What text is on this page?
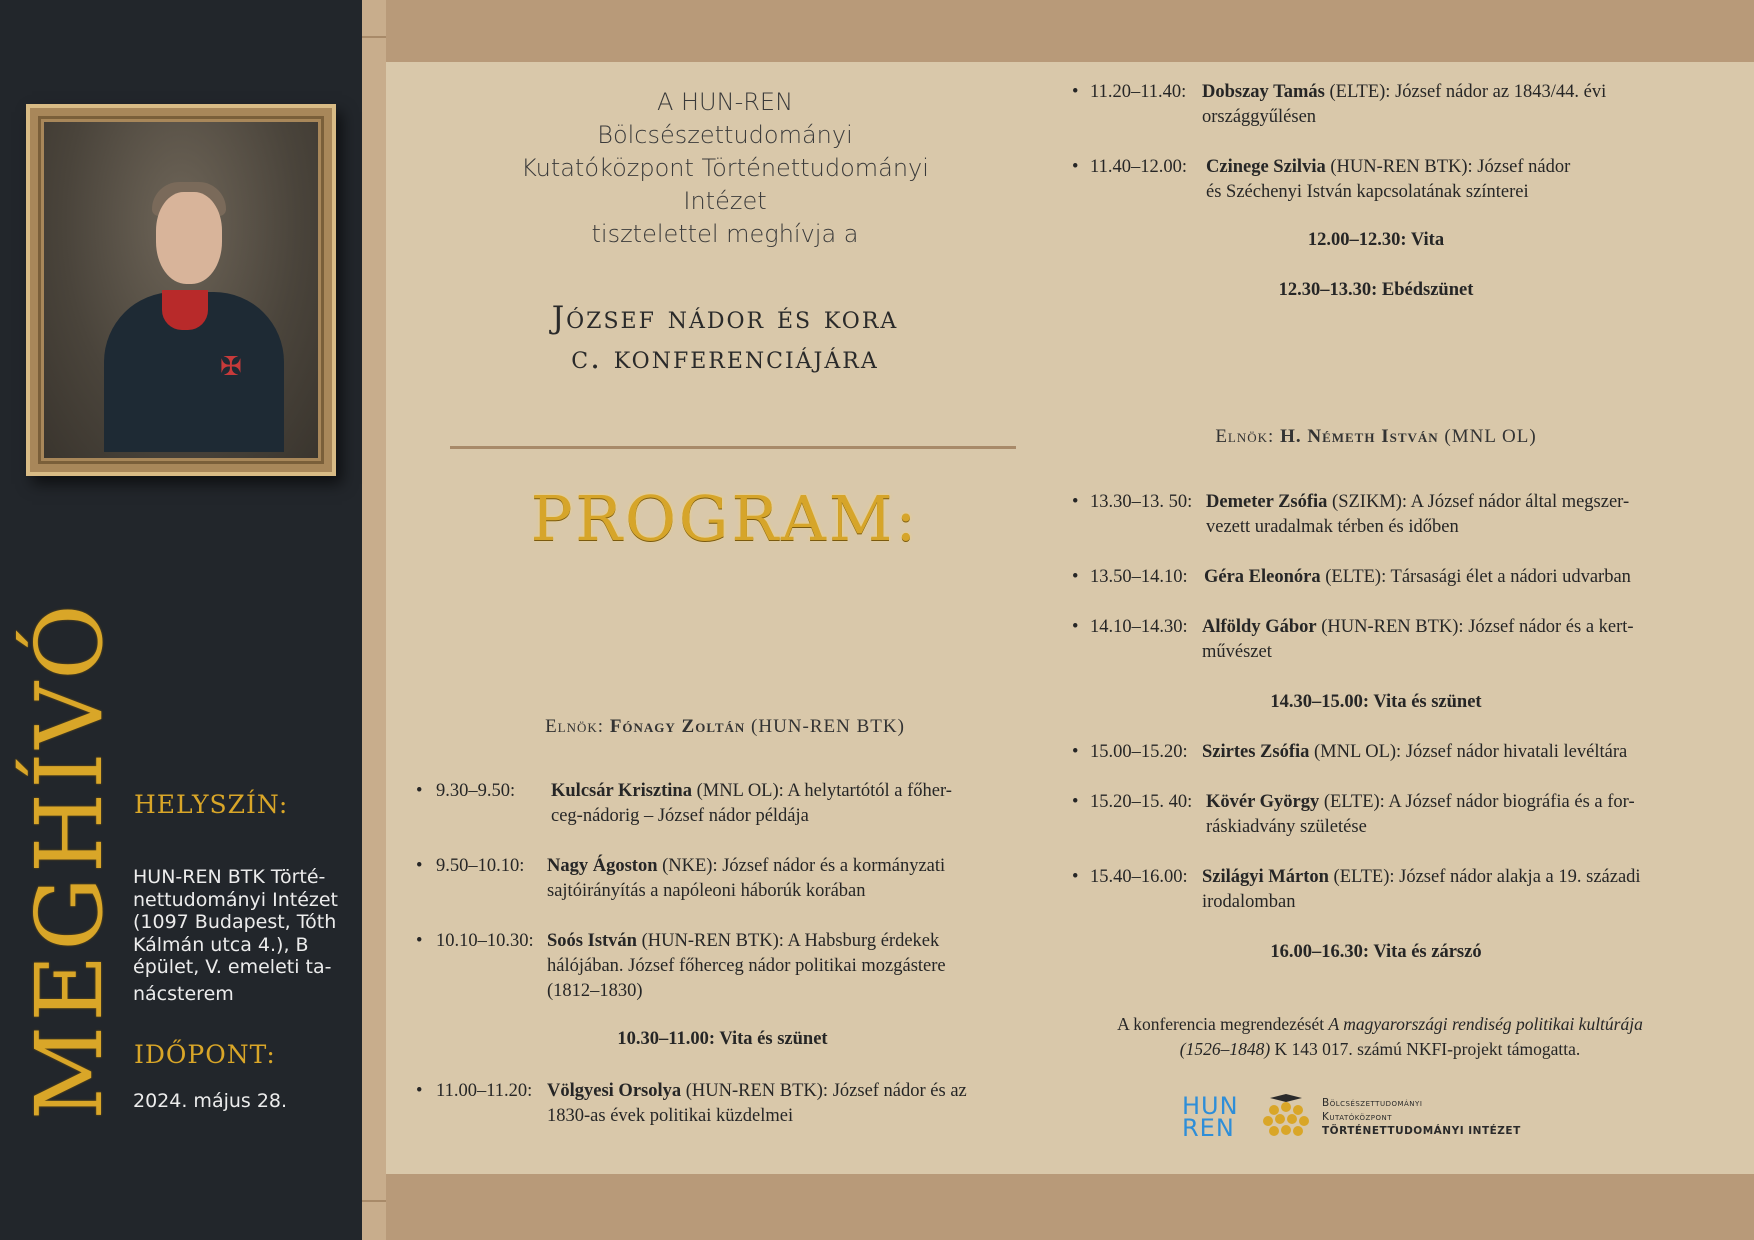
✠
MEGHÍVÓ HELYSZÍN:
HUN-REN BTK Törté-
nettudományi Intézet
(1097 Budapest, Tóth
Kálmán utca 4.), B
épület, V. emeleti ta-
nácsterem
IDŐPONT:
2024. május 28.
A HUN-REN
Bölcsészettudományi
Kutatóközpont Történettudományi
Intézet
tisztelettel meghívja a
József nádor és kora
c. konferenciájára
PROGRAM:
Elnök: Fónagy Zoltán (HUN-REN BTK)
• 9.30–9.50: Kulcsár Krisztina (MNL OL): A helytartótól a főher-
ceg-nádorig – József nádor példája
• 9.50–10.10: Nagy Ágoston (NKE): József nádor és a kormányzati
sajtóirányítás a napóleoni háborúk korában
• 10.10–10.30: Soós István (HUN-REN BTK): A Habsburg érdekek
hálójában. József főherceg nádor politikai mozgástere
(1812–1830)
10.30–11.00: Vita és szünet
• 11.00–11.20: Völgyesi Orsolya (HUN-REN BTK): József nádor és az
1830-as évek politikai küzdelmei
• 11.20–11.40: Dobszay Tamás (ELTE): József nádor az 1843/44. évi
országgyűlésen
• 11.40–12.00: Czinege Szilvia (HUN-REN BTK): József nádor
és Széchenyi István kapcsolatának színterei
12.00–12.30: Vita
12.30–13.30: Ebédszünet
Elnök: H. Németh István (MNL OL)
• 13.30–13. 50: Demeter Zsófia (SZIKM): A József nádor által megszer-
vezett uradalmak térben és időben
• 13.50–14.10: Géra Eleonóra (ELTE): Társasági élet a nádori udvarban
• 14.10–14.30: Alföldy Gábor (HUN-REN BTK): József nádor és a kert-
művészet
14.30–15.00: Vita és szünet
• 15.00–15.20: Szirtes Zsófia (MNL OL): József nádor hivatali levéltára
• 15.20–15. 40: Kövér György (ELTE): A József nádor biográfia és a for-
ráskiadvány születése
• 15.40–16.00: Szilágyi Márton (ELTE): József nádor alakja a 19. századi
irodalomban
16.00–16.30: Vita és zárszó
A konferencia megrendezését A magyarországi rendiség politikai kultúrája
(1526–1848) K 143 017. számú NKFI-projekt támogatta.
HUN
REN
Bölcsészettudományi
Kutatóközpont
TÖRTÉNETTUDOMÁNYI INTÉZET
